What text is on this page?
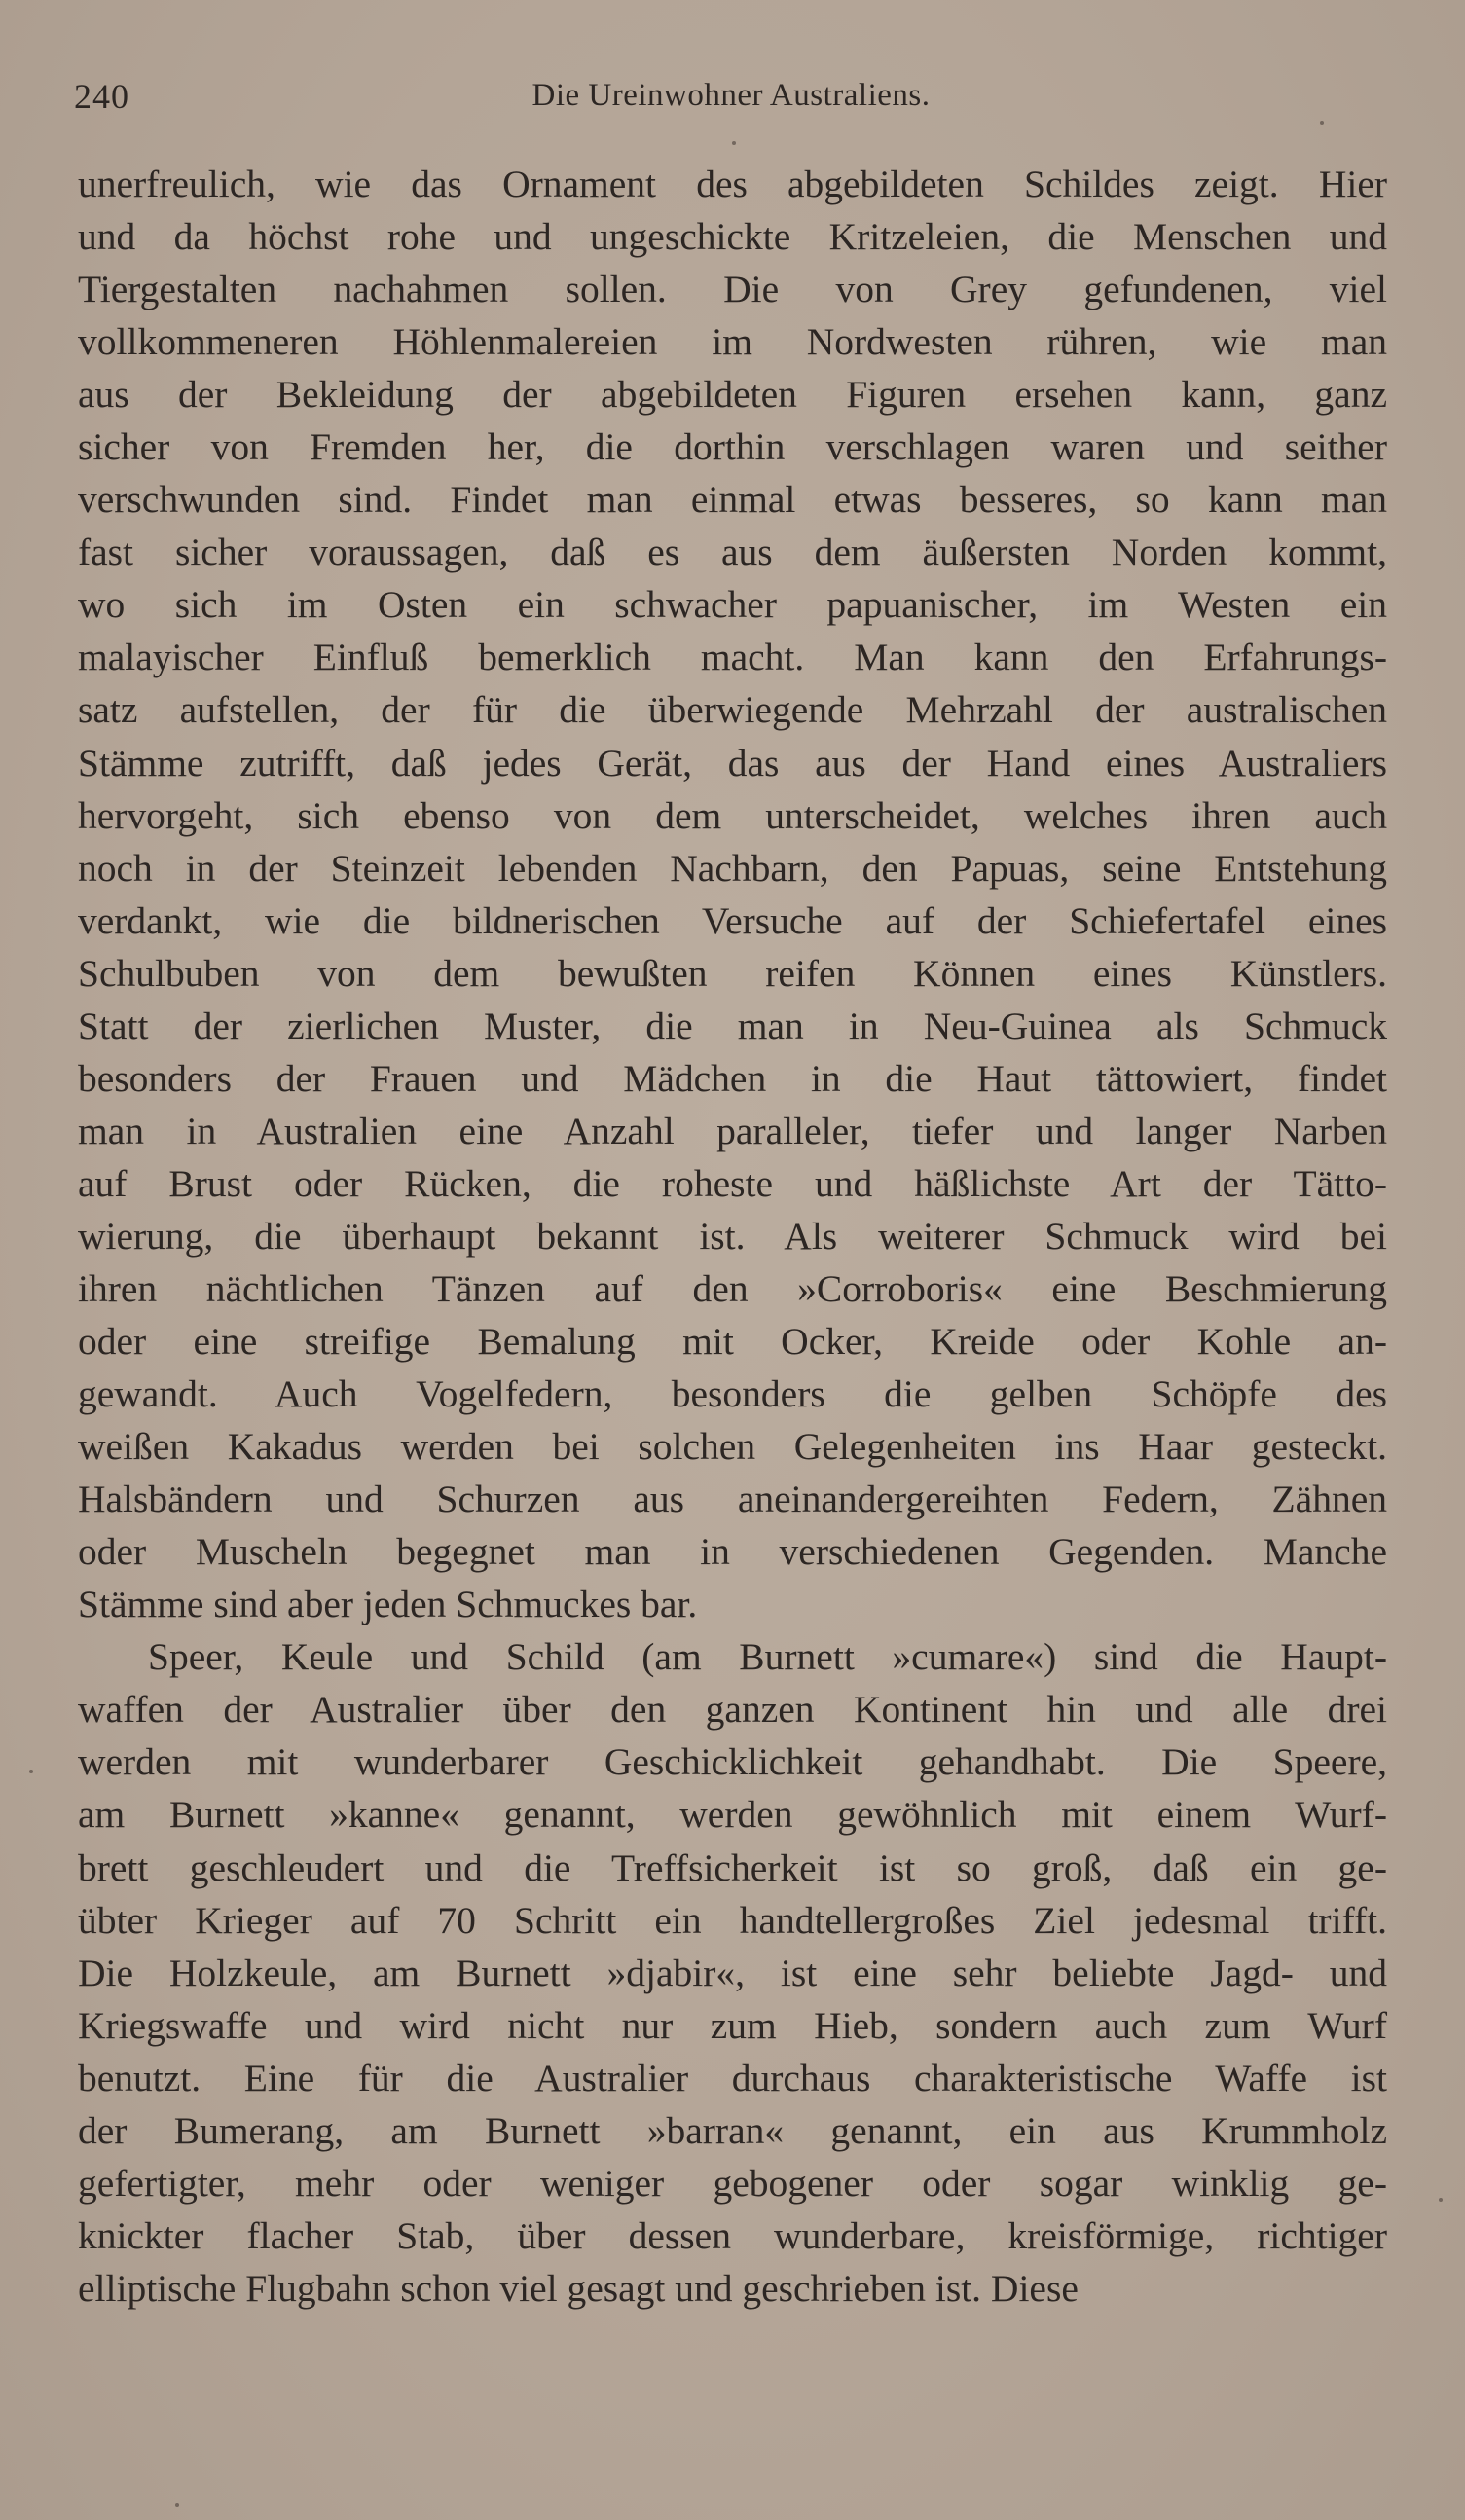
240	Die Ureinwohner Australiens.
unerfreulich, wie das Ornament des abgebildeten Schildes zeigt. Hier
und da höchst rohe und ungeschickte Kritzeleien, die Menschen und
Tiergestalten nachahmen sollen. Die von Grey gefundenen, viel
vollkommeneren Höhlenmalereien im Nordwesten rühren, wie man
aus der Bekleidung der abgebildeten Figuren ersehen kann, ganz
sicher von Fremden her, die dorthin verschlagen waren und seither
verschwunden sind. Findet man einmal etwas besseres, so kann man
fast sicher voraussagen, daß es aus dem äußersten Norden kommt,
wo sich im Osten ein schwacher papuanischer, im Westen ein
malayischer Einfluß bemerklich macht. Man kann den Erfahrungs-
satz aufstellen, der für die überwiegende Mehrzahl der australischen
Stämme zutrifft, daß jedes Gerät, das aus der Hand eines Australiers
hervorgeht, sich ebenso von dem unterscheidet, welches ihren auch
noch in der Steinzeit lebenden Nachbarn, den Papuas, seine Entstehung
verdankt, wie die bildnerischen Versuche auf der Schiefertafel eines
Schulbuben von dem bewußten reifen Können eines Künstlers.
Statt der zierlichen Muster, die man in Neu-Guinea als Schmuck
besonders der Frauen und Mädchen in die Haut tättowiert, findet
man in Australien eine Anzahl paralleler, tiefer und langer Narben
auf Brust oder Rücken, die roheste und häßlichste Art der Tätto-
wierung, die überhaupt bekannt ist. Als weiterer Schmuck wird bei
ihren nächtlichen Tänzen auf den »Corroboris« eine Beschmierung
oder eine streifige Bemalung mit Ocker, Kreide oder Kohle an-
gewandt. Auch Vogelfedern, besonders die gelben Schöpfe des
weißen Kakadus werden bei solchen Gelegenheiten ins Haar gesteckt.
Halsbändern und Schurzen aus aneinandergereihten Federn, Zähnen
oder Muscheln begegnet man in verschiedenen Gegenden. Manche
Stämme sind aber jeden Schmuckes bar.
Speer, Keule und Schild (am Burnett »cumare«) sind die Haupt-
waffen der Australier über den ganzen Kontinent hin und alle drei
werden mit wunderbarer Geschicklichkeit gehandhabt. Die Speere,
am Burnett »kanne« genannt, werden gewöhnlich mit einem Wurf-
brett geschleudert und die Treffsicherkeit ist so groß, daß ein ge-
übter Krieger auf 70 Schritt ein handtellergroßes Ziel jedesmal trifft.
Die Holzkeule, am Burnett »djabir«, ist eine sehr beliebte Jagd- und
Kriegswaffe und wird nicht nur zum Hieb, sondern auch zum Wurf
benutzt. Eine für die Australier durchaus charakteristische Waffe ist
der Bumerang, am Burnett »barran« genannt, ein aus Krummholz
gefertigter, mehr oder weniger gebogener oder sogar winklig ge-
knickter flacher Stab, über dessen wunderbare, kreisförmige, richtiger
elliptische Flugbahn schon viel gesagt und geschrieben ist. Diese
